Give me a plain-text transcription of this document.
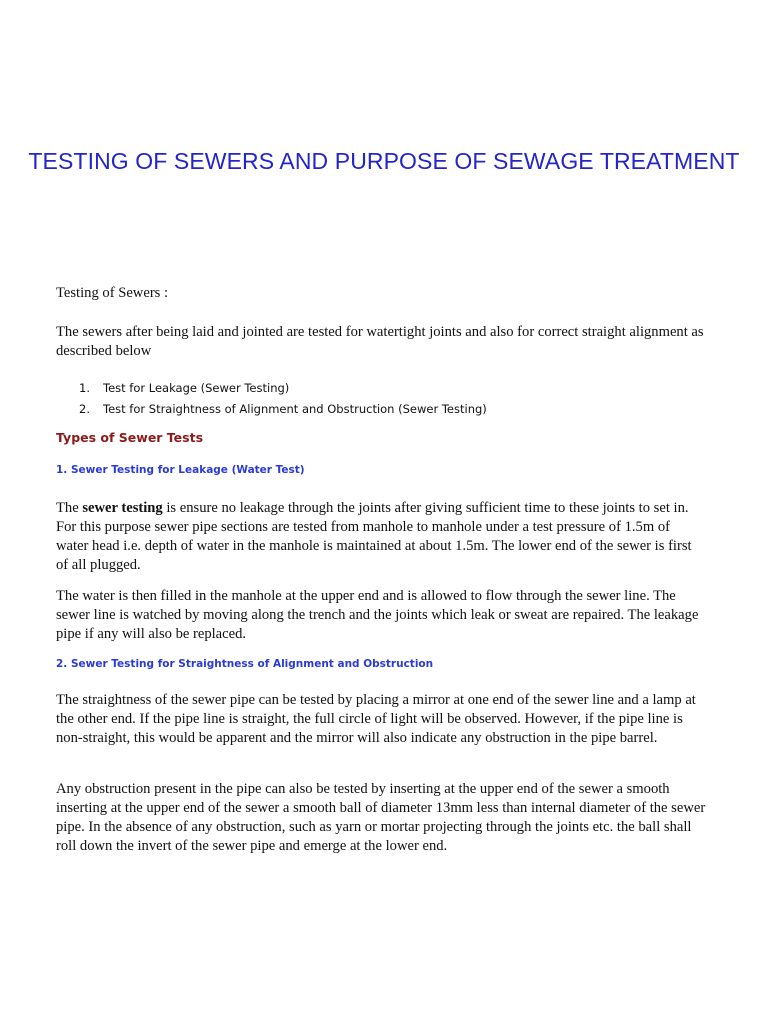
TESTING OF SEWERS AND PURPOSE OF SEWAGE TREATMENT

Testing of Sewers :

The sewers after being laid and jointed are tested for watertight joints and also for correct straight alignment as described below

1.	Test for Leakage (Sewer Testing)
2.	Test for Straightness of Alignment and Obstruction (Sewer Testing)
Types of Sewer Tests
1. Sewer Testing for Leakage (Water Test)

The sewer testing is ensure no leakage through the joints after giving sufficient time to these joints to set in. For this purpose sewer pipe sections are tested from manhole to manhole under a test pressure of 1.5m of water head i.e. depth of water in the manhole is maintained at about 1.5m. The lower end of the sewer is first of all plugged.

The water is then filled in the manhole at the upper end and is allowed to flow through the sewer line. The sewer line is watched by moving along the trench and the joints which leak or sweat are repaired. The leakage pipe if any will also be replaced.

2. Sewer Testing for Straightness of Alignment and Obstruction

The straightness of the sewer pipe can be tested by placing a mirror at one end of the sewer line and a lamp at the other end. If the pipe line is straight, the full circle of light will be observed. However, if the pipe line is non-straight, this would be apparent and the mirror will also indicate any obstruction in the pipe barrel.

Any obstruction present in the pipe can also be tested by inserting at the upper end of the sewer a smooth inserting at the upper end of the sewer a smooth ball of diameter 13mm less than internal diameter of the sewer pipe. In the absence of any obstruction, such as yarn or mortar projecting through the joints etc. the ball shall roll down the invert of the sewer pipe and emerge at the lower end.
